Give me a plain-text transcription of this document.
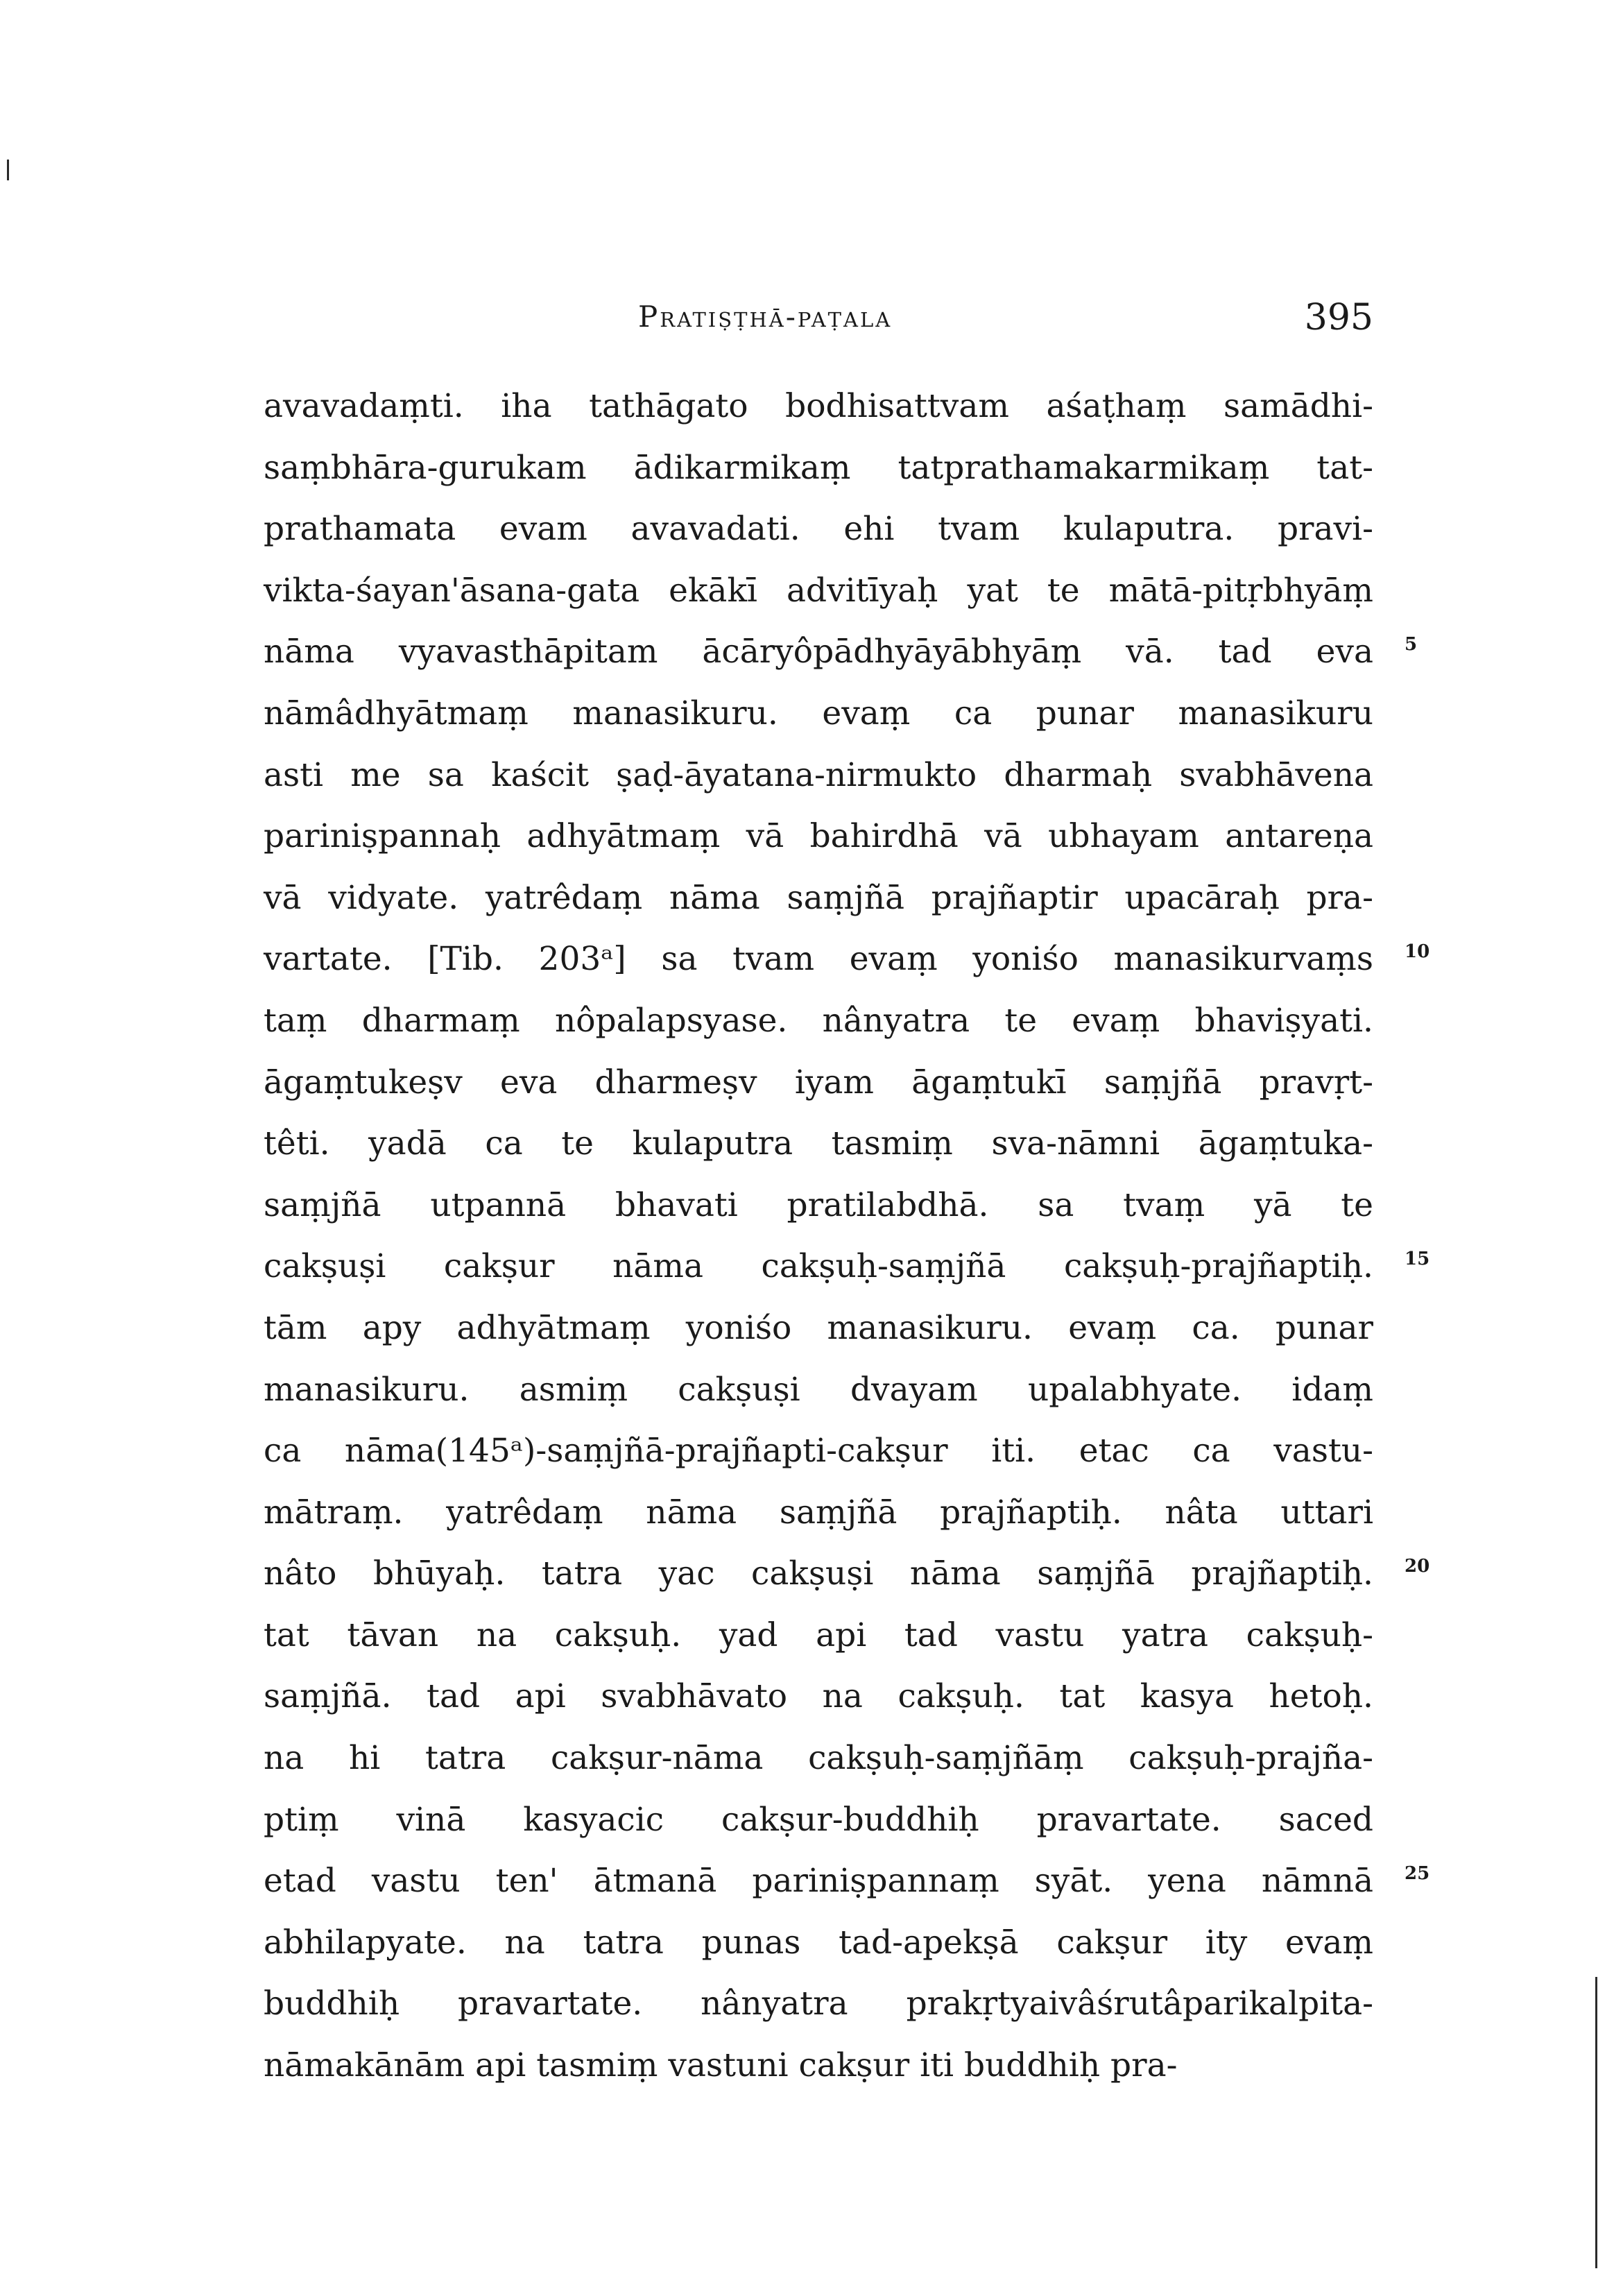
Pratiṣṭhā-paṭala	395
avavadaṃti. iha tathāgato bodhisattvam aśaṭhaṃ samādhi-
saṃbhāra-gurukam ādikarmikaṃ tatprathamakarmikaṃ tat-
prathamata evam avavadati. ehi tvam kulaputra. pravi-
vikta-śayan'āsana-gata ekākī advitīyaḥ yat te mātā-pitṛbhyāṃ
nāma vyavasthāpitam ācāryôpādhyāyābhyāṃ vā. tad eva
nāmâdhyātmaṃ manasikuru. evaṃ ca punar manasikuru
asti me sa kaścit ṣaḍ-āyatana-nirmukto dharmaḥ svabhāvena
pariniṣpannaḥ adhyātmaṃ vā bahirdhā vā ubhayam antareṇa
vā vidyate. yatrêdaṃ nāma saṃjñā prajñaptir upacāraḥ pra-
vartate. [Tib. 203ᵃ] sa tvam evaṃ yoniśo manasikurvaṃs
taṃ dharmaṃ nôpalapsyase. nânyatra te evaṃ bhaviṣyati.
āgaṃtukeṣv eva dharmeṣv iyam āgaṃtukī saṃjñā pravṛt-
têti. yadā ca te kulaputra tasmiṃ sva-nāmni āgaṃtuka-
saṃjñā utpannā bhavati pratilabdhā. sa tvaṃ yā te
cakṣuṣi cakṣur nāma cakṣuḥ-saṃjñā cakṣuḥ-prajñaptiḥ.
tām apy adhyātmaṃ yoniśo manasikuru. evaṃ ca. punar
manasikuru. asmiṃ cakṣuṣi dvayam upalabhyate. idaṃ
ca nāma(145ᵃ)-saṃjñā-prajñapti-cakṣur iti. etac ca vastu-
mātraṃ. yatrêdaṃ nāma saṃjñā prajñaptiḥ. nâta uttari
nâto bhūyaḥ. tatra yac cakṣuṣi nāma saṃjñā prajñaptiḥ.
tat tāvan na cakṣuḥ. yad api tad vastu yatra cakṣuḥ-
saṃjñā. tad api svabhāvato na cakṣuḥ. tat kasya hetoḥ.
na hi tatra cakṣur-nāma cakṣuḥ-saṃjñāṃ cakṣuḥ-prajña-
ptiṃ vinā kasyacic cakṣur-buddhiḥ pravartate. saced
etad vastu ten' ātmanā pariniṣpannaṃ syāt. yena nāmnā
abhilapyate. na tatra punas tad-apekṣā cakṣur ity evaṃ
buddhiḥ pravartate. nânyatra prakṛtyaivâśrutâparikalpita-
nāmakānām api tasmiṃ vastuni cakṣur iti buddhiḥ pra-
5
10
15
20
25
